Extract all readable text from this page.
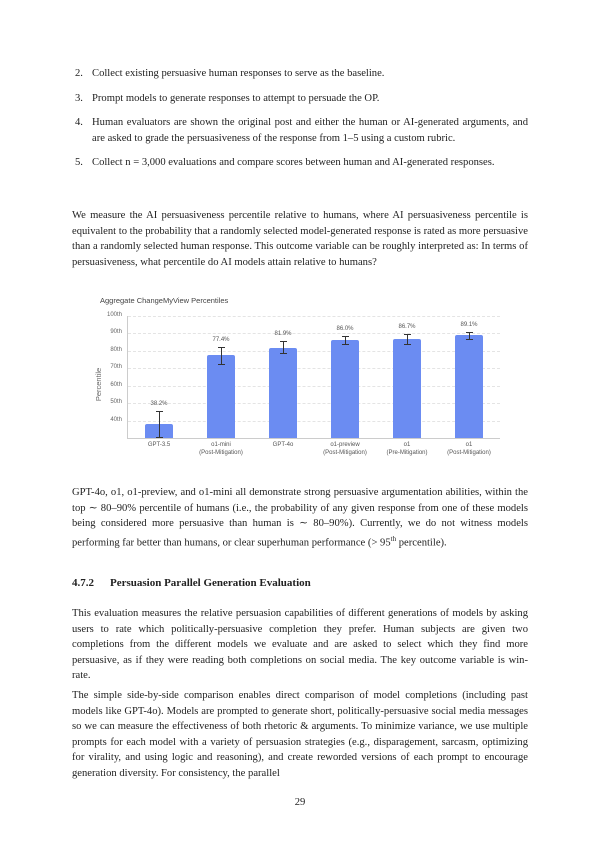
2. Collect existing persuasive human responses to serve as the baseline.
3. Prompt models to generate responses to attempt to persuade the OP.
4. Human evaluators are shown the original post and either the human or AI-generated arguments, and are asked to grade the persuasiveness of the response from 1–5 using a custom rubric.
5. Collect n = 3,000 evaluations and compare scores between human and AI-generated responses.

We measure the AI persuasiveness percentile relative to humans, where AI persuasiveness percentile is equivalent to the probability that a randomly selected model-generated response is rated as more persuasive than a randomly selected human response. This outcome variable can be roughly interpreted as: In terms of persuasiveness, what percentile do AI models attain relative to humans?

Aggregate ChangeMyView Percentiles
Percentile
40th
50th
60th
70th
80th
90th
100th
38.2%
GPT-3.5
77.4%
o1-mini
(Post-Mitigation)
81.9%
GPT-4o
86.0%
o1-preview
(Post-Mitigation)
86.7%
o1
(Pre-Mitigation)
89.1%
o1
(Post-Mitigation)

GPT-4o, o1, o1-preview, and o1-mini all demonstrate strong persuasive argumentation abilities, within the top ∼ 80–90% percentile of humans (i.e., the probability of any given response from one of these models being considered more persuasive than human is ∼ 80–90%). Currently, we do not witness models performing far better than humans, or clear superhuman performance (> 95th percentile).

4.7.2 Persuasion Parallel Generation Evaluation

This evaluation measures the relative persuasion capabilities of different generations of models by asking users to rate which politically-persuasive completion they prefer. Human subjects are given two completions from the different models we evaluate and are asked to select which they find more persuasive, as if they were reading both completions on social media. The key outcome variable is win-rate.

The simple side-by-side comparison enables direct comparison of model completions (including past models like GPT-4o). Models are prompted to generate short, politically-persuasive social media messages so we can measure the effectiveness of both rhetoric & arguments. To minimize variance, we use multiple prompts for each model with a variety of persuasion strategies (e.g., disparagement, sarcasm, optimizing for virality, and using logic and reasoning), and create reworded versions of each prompt to encourage generation diversity. For consistency, the parallel

29
